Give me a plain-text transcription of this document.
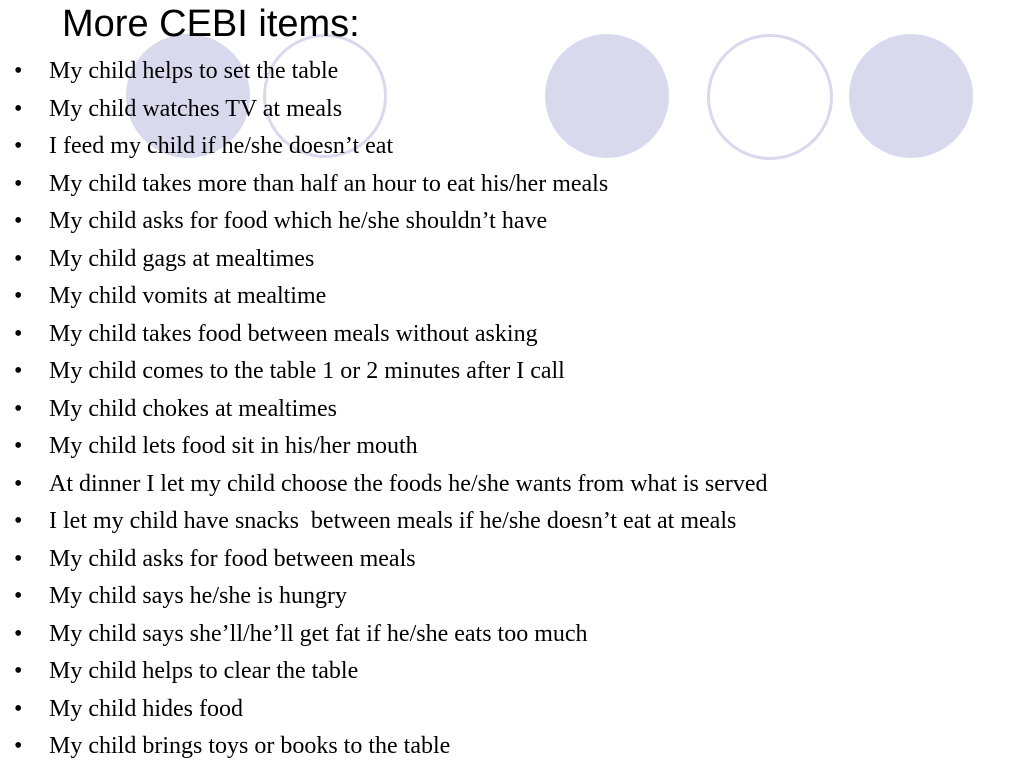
More CEBI items:
• My child helps to set the table
• My child watches TV at meals
• I feed my child if he/she doesn’t eat
• My child takes more than half an hour to eat his/her meals
• My child asks for food which he/she shouldn’t have
• My child gags at mealtimes
• My child vomits at mealtime
• My child takes food between meals without asking
• My child comes to the table 1 or 2 minutes after I call
• My child chokes at mealtimes
• My child lets food sit in his/her mouth
• At dinner I let my child choose the foods he/she wants from what is served
• I let my child have snacks  between meals if he/she doesn’t eat at meals
• My child asks for food between meals
• My child says he/she is hungry
• My child says she’ll/he’ll get fat if he/she eats too much
• My child helps to clear the table
• My child hides food
• My child brings toys or books to the table
